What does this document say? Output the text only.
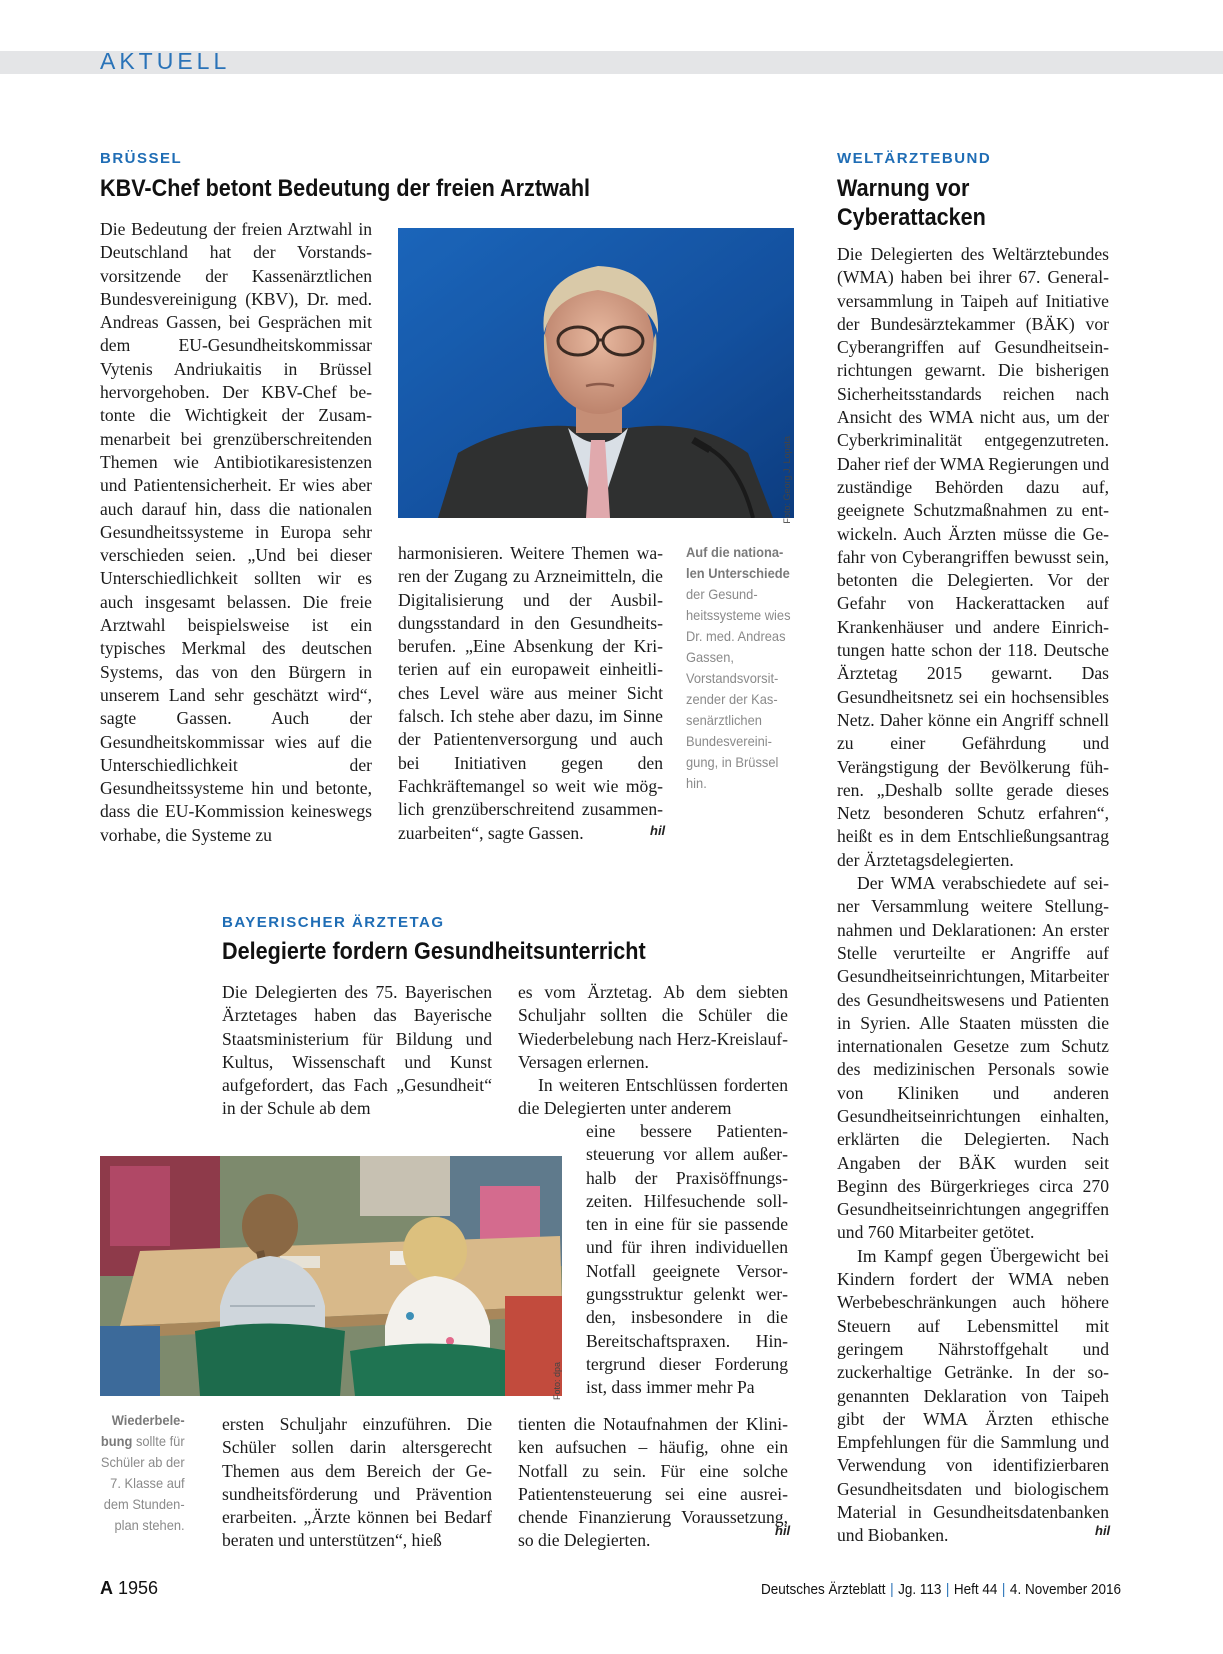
AKTUELL
BRÜSSEL
KBV-Chef betont Bedeutung der freien Arztwahl

Die Bedeutung der freien Arztwahl in Deutschland hat der Vorstandsvorsitzende der Kassenärztlichen Bundesvereinigung (KBV), Dr. med. Andreas Gassen, bei Gesprächen mit dem EU-Gesundheitskommissar Vytenis Andriukaitis in Brüssel hervorgehoben. Der KBV-Chef betonte die Wichtigkeit der Zusammenarbeit bei grenzüberschreitenden Themen wie Antibiotikaresistenzen und Patientensicherheit. Er wies aber auch darauf hin, dass die nationalen Gesundheitssysteme in Europa sehr verschieden seien. „Und bei dieser Unterschiedlichkeit sollten wir es auch insgesamt belassen. Die freie Arztwahl beispielsweise ist ein typisches Merkmal des deutschen Systems, das von den Bürgern in unserem Land sehr geschätzt wird“, sagte Gassen. Auch der Gesundheitskommissar wies auf die Unterschiedlichkeit der Gesundheitssysteme hin und betonte, dass die EU-Kommission keineswegs vorhabe, die Systeme zu

Foto: Georg J. Lopata

harmonisieren. Weitere Themen waren der Zugang zu Arzneimitteln, die Digitalisierung und der Ausbildungsstandard in den Gesundheitsberufen. „Eine Absenkung der Kriterien auf ein europaweit einheitliches Level wäre aus meiner Sicht falsch. Ich stehe aber dazu, im Sinne der Patientenversorgung und auch bei Initiativen gegen den Fachkräftemangel so weit wie möglich grenzüberschreitend zusammenzuarbeiten“, sagte Gassen.	hil
Auf die nationalen Unterschiede der Gesundheitssysteme wies Dr. med. Andreas Gassen, Vorstandsvorsitzender der Kassenärztlichen Bundesvereinigung, in Brüssel hin.
BAYERISCHER ÄRZTETAG
Delegierte fordern Gesundheitsunterricht

Die Delegierten des 75. Bayerischen Ärztetages haben das Bayerische Staatsministerium für Bildung und Kultus, Wissenschaft und Kunst aufgefordert, das Fach „Gesundheit“ in der Schule ab dem

Foto: dpa
Wiederbelebung sollte für Schüler ab der 7. Klasse auf dem Stundenplan stehen.

ersten Schuljahr einzuführen. Die Schüler sollen darin altersgerecht Themen aus dem Bereich der Gesundheitsförderung und Prävention erarbeiten. „Ärzte können bei Bedarf beraten und unterstützen“, hieß

es vom Ärztetag. Ab dem siebten Schuljahr sollten die Schüler die Wiederbelebung nach Herz-Kreislauf-Versagen erlernen.

In weiteren Entschlüssen forderten die Delegierten unter anderem

eine bessere Patientensteuerung vor allem außerhalb der Praxisöffnungszeiten. Hilfesuchende sollten in eine für sie passende und für ihren individuellen Notfall geeignete Versorgungsstruktur gelenkt werden, insbesondere in die Bereitschaftspraxen. Hintergrund dieser Forderung ist, dass immer mehr Pa

tienten die Notaufnahmen der Kliniken aufsuchen – häufig, ohne ein Notfall zu sein. Für eine solche Patientensteuerung sei eine ausreichende Finanzierung Voraussetzung, so die Delegierten.	hil
WELTÄRZTEBUND
Warnung vor
Cyberattacken

Die Delegierten des Weltärztebundes (WMA) haben bei ihrer 67. Generalversammlung in Taipeh auf Initiative der Bundesärztekammer (BÄK) vor Cyberangriffen auf Gesundheitseinrichtungen gewarnt. Die bisherigen Sicherheitsstandards reichen nach Ansicht des WMA nicht aus, um der Cyberkriminalität entgegenzutreten. Daher rief der WMA Regierungen und zuständige Behörden dazu auf, geeignete Schutzmaßnahmen zu entwickeln. Auch Ärzten müsse die Gefahr von Cyberangriffen bewusst sein, betonten die Delegierten. Vor der Gefahr von Hackerattacken auf Krankenhäuser und andere Einrichtungen hatte schon der 118. Deutsche Ärztetag 2015 gewarnt. Das Gesundheitsnetz sei ein hochsensibles Netz. Daher könne ein Angriff schnell zu einer Gefährdung und Verängstigung der Bevölkerung führen. „Deshalb sollte gerade dieses Netz besonderen Schutz erfahren“, heißt es in dem Entschließungsantrag der Ärztetagsdelegierten.

Der WMA verabschiedete auf seiner Versammlung weitere Stellungnahmen und Deklarationen: An erster Stelle verurteilte er Angriffe auf Gesundheitseinrichtungen, Mitarbeiter des Gesundheitswesens und Patienten in Syrien. Alle Staaten müssten die internationalen Gesetze zum Schutz des medizinischen Personals sowie von Kliniken und anderen Gesundheitseinrichtungen einhalten, erklärten die Delegierten. Nach Angaben der BÄK wurden seit Beginn des Bürgerkrieges circa 270 Gesundheitseinrichtungen angegriffen und 760 Mitarbeiter getötet.

Im Kampf gegen Übergewicht bei Kindern fordert der WMA neben Werbebeschränkungen auch höhere Steuern auf Lebensmittel mit geringem Nährstoffgehalt und zuckerhaltige Getränke. In der sogenannten Deklaration von Taipeh gibt der WMA Ärzten ethische Empfehlungen für die Sammlung und Verwendung von identifizierbaren Gesundheitsdaten und biologischem Material in Gesundheitsdatenbanken und Biobanken.	hil
A 1956	Deutsches Ärzteblatt | Jg. 113 | Heft 44 | 4. November 2016
